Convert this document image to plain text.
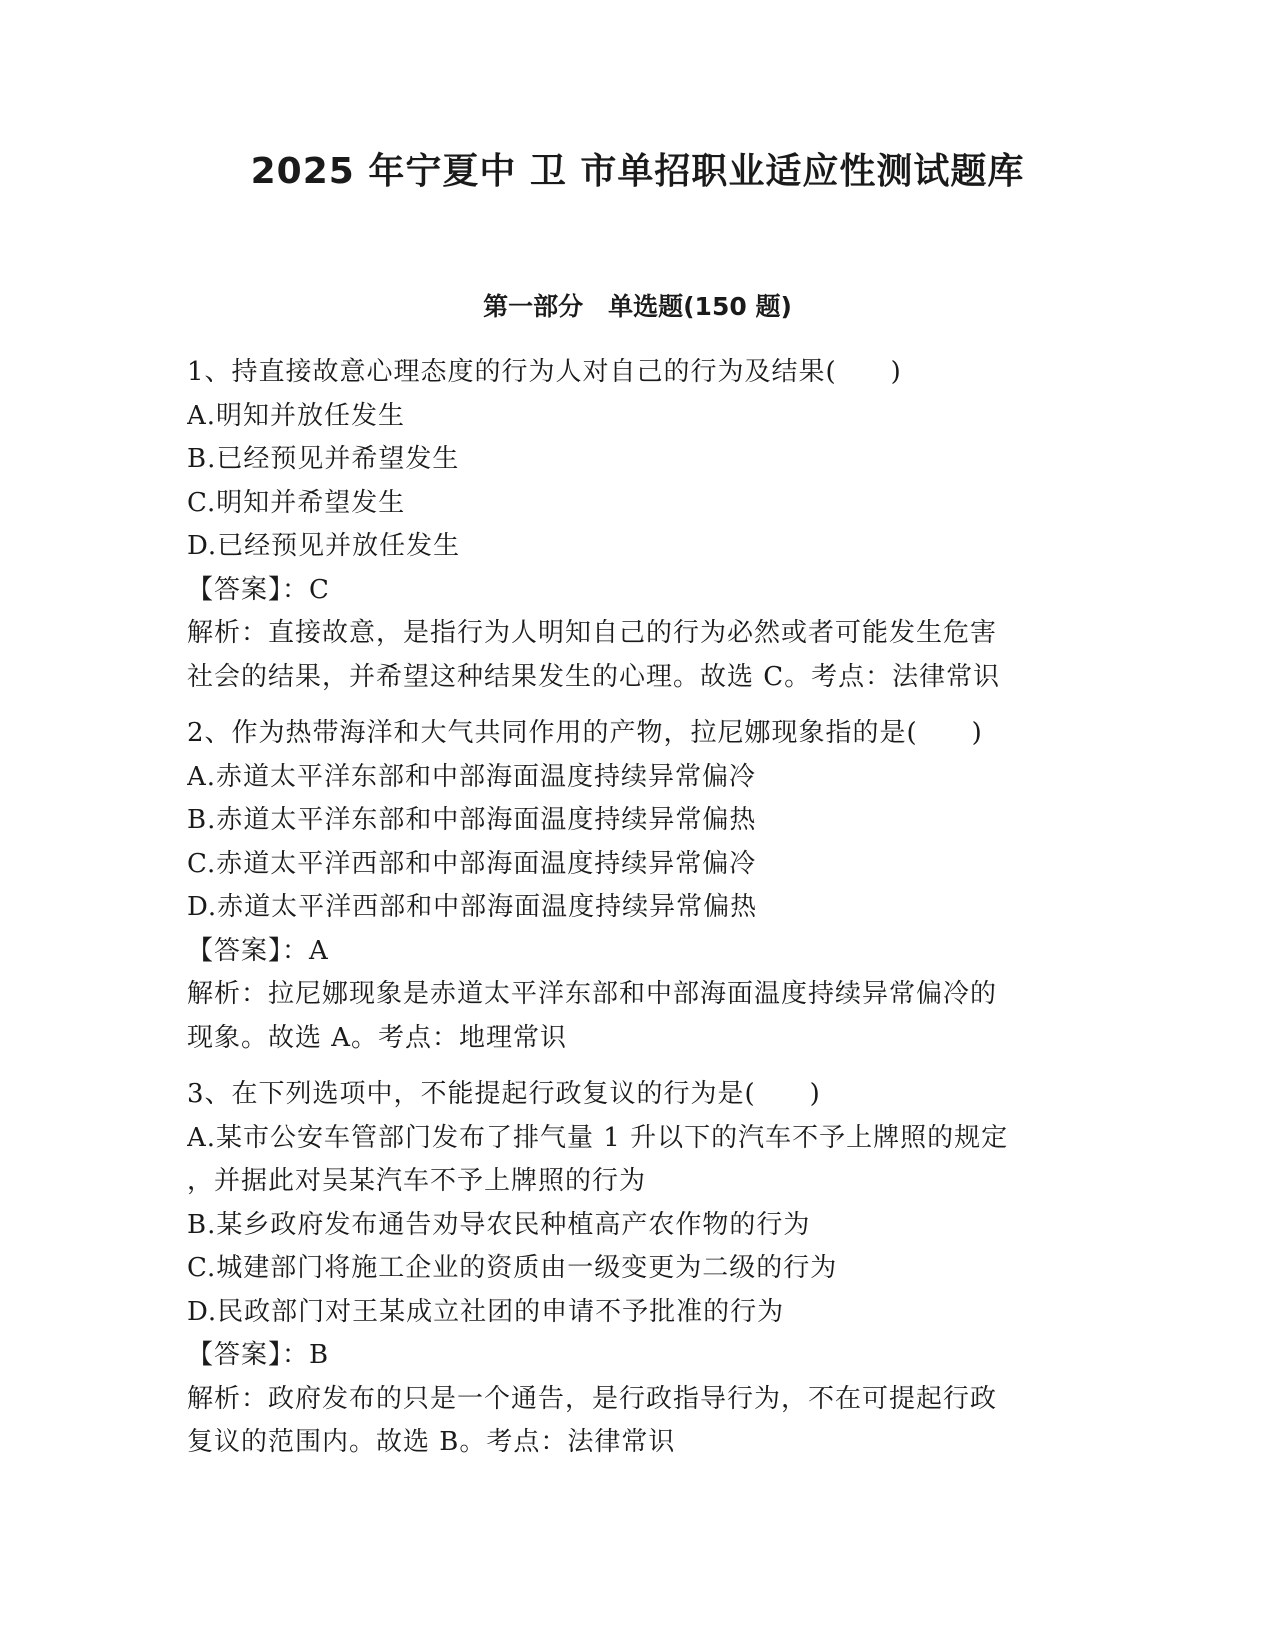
2025 年宁夏中 卫 市单招职业适应性测试题库
第一部分　单选题(150 题)

1、持直接故意心理态度的行为人对自己的行为及结果(　　)

A.明知并放任发生

B.已经预见并希望发生

C.明知并希望发生

D.已经预见并放任发生

【答案】：C

解析：直接故意，是指行为人明知自己的行为必然或者可能发生危害

社会的结果，并希望这种结果发生的心理。故选 C。考点：法律常识

2、作为热带海洋和大气共同作用的产物，拉尼娜现象指的是(　　)

A.赤道太平洋东部和中部海面温度持续异常偏冷

B.赤道太平洋东部和中部海面温度持续异常偏热

C.赤道太平洋西部和中部海面温度持续异常偏冷

D.赤道太平洋西部和中部海面温度持续异常偏热

【答案】：A

解析：拉尼娜现象是赤道太平洋东部和中部海面温度持续异常偏冷的

现象。故选 A。考点：地理常识

3、在下列选项中，不能提起行政复议的行为是(　　)

A.某市公安车管部门发布了排气量 1 升以下的汽车不予上牌照的规定

，并据此对吴某汽车不予上牌照的行为

B.某乡政府发布通告劝导农民种植高产农作物的行为

C.城建部门将施工企业的资质由一级变更为二级的行为

D.民政部门对王某成立社团的申请不予批准的行为

【答案】：B

解析：政府发布的只是一个通告，是行政指导行为，不在可提起行政

复议的范围内。故选 B。考点：法律常识
